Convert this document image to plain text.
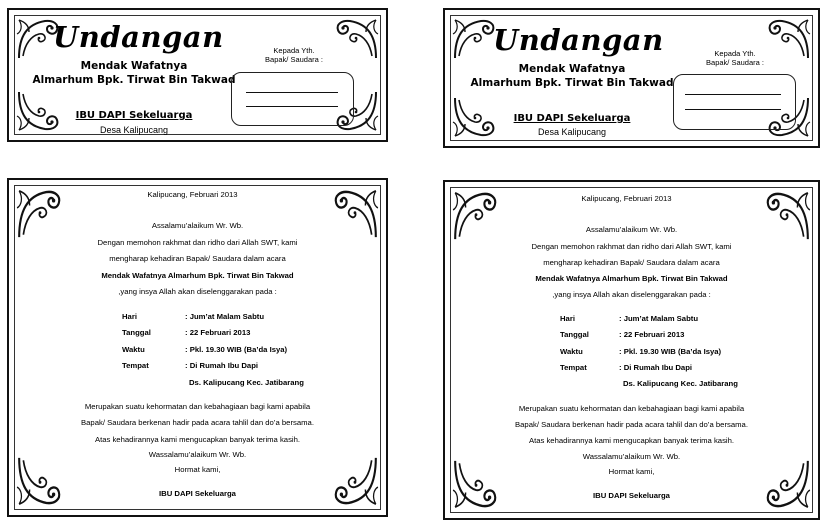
Undangan
Mendak Wafatnya
Almarhum Bpk. Tirwat Bin Takwad
IBU DAPI Sekeluarga
Desa Kalipucang
Kepada Yth.
Bapak/ Saudara :
Undangan
Mendak Wafatnya
Almarhum Bpk. Tirwat Bin Takwad
IBU DAPI Sekeluarga
Desa Kalipucang
Kepada Yth.
Bapak/ Saudara :
Kalipucang, Februari 2013
Assalamu’alaikum Wr. Wb.
Dengan memohon rakhmat dan ridho dari Allah SWT, kami
mengharap kehadiran Bapak/ Saudara dalam acara
Mendak Wafatnya Almarhum Bpk. Tirwat Bin Takwad
,yang insya Allah akan diselenggarakan pada :
Hari	: Jum’at Malam Sabtu
Tanggal	: 22 Februari 2013
Waktu	: Pkl. 19.30 WIB (Ba’da Isya)
Tempat	: Di Rumah Ibu Dapi
Ds. Kalipucang Kec. Jatibarang
Merupakan suatu kehormatan dan kebahagiaan bagi kami apabila
Bapak/ Saudara berkenan hadir pada acara tahlil dan do’a bersama.
Atas kehadirannya kami mengucapkan banyak terima kasih.
Wassalamu’alaikum Wr. Wb.
Hormat kami,
IBU DAPI Sekeluarga
Kalipucang, Februari 2013
Assalamu’alaikum Wr. Wb.
Dengan memohon rakhmat dan ridho dari Allah SWT, kami
mengharap kehadiran Bapak/ Saudara dalam acara
Mendak Wafatnya Almarhum Bpk. Tirwat Bin Takwad
,yang insya Allah akan diselenggarakan pada :
Hari	: Jum’at Malam Sabtu
Tanggal	: 22 Februari 2013
Waktu	: Pkl. 19.30 WIB (Ba’da Isya)
Tempat	: Di Rumah Ibu Dapi
Ds. Kalipucang Kec. Jatibarang
Merupakan suatu kehormatan dan kebahagiaan bagi kami apabila
Bapak/ Saudara berkenan hadir pada acara tahlil dan do’a bersama.
Atas kehadirannya kami mengucapkan banyak terima kasih.
Wassalamu’alaikum Wr. Wb.
Hormat kami,
IBU DAPI Sekeluarga
